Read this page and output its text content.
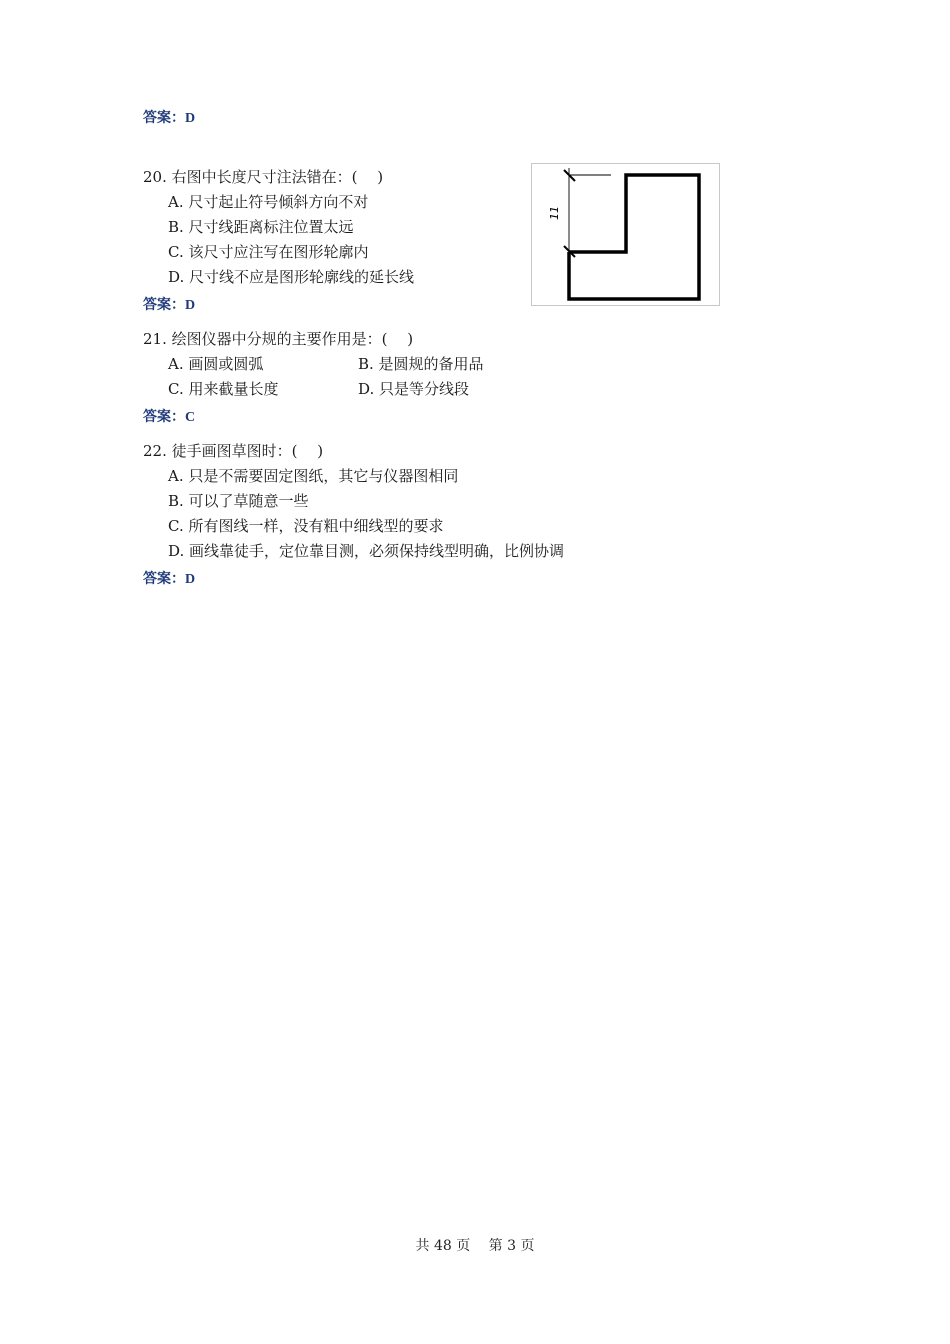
答案：D
20. 右图中长度尺寸注法错在：(　 )
A. 尺寸起止符号倾斜方向不对
B. 尺寸线距离标注位置太远
C. 该尺寸应注写在图形轮廓内
D. 尺寸线不应是图形轮廓线的延长线
答案：D
11
21. 绘图仪器中分规的主要作用是：(　 )
A. 画圆或圆弧	B. 是圆规的备用品
C. 用来截量长度	D. 只是等分线段
答案：C
22. 徒手画图草图时：(　 )
A. 只是不需要固定图纸，其它与仪器图相同
B. 可以了草随意一些
C. 所有图线一样，没有粗中细线型的要求
D. 画线靠徒手，定位靠目测，必须保持线型明确，比例协调
答案：D
共 48 页　 第 3 页
